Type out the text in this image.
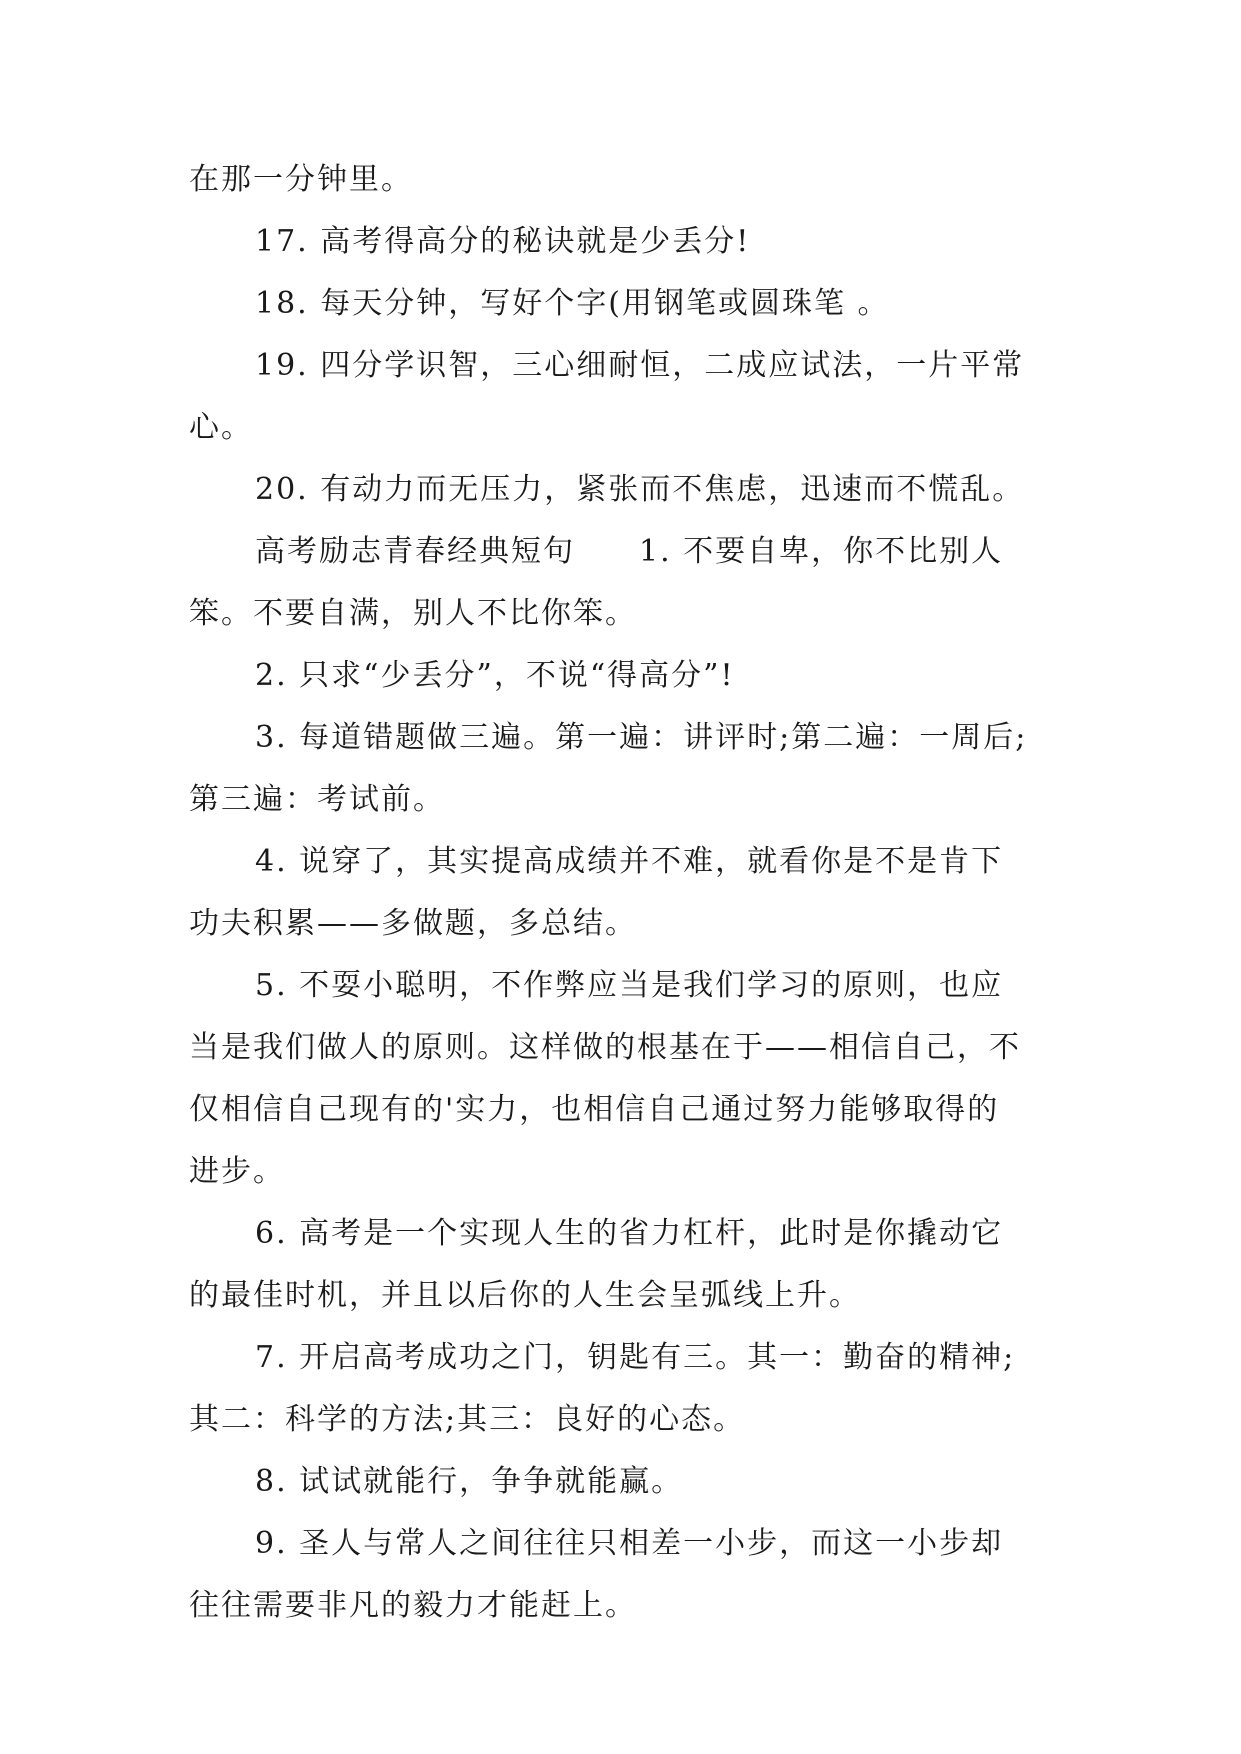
在那一分钟里。
17. 高考得高分的秘诀就是少丢分!
18. 每天分钟，写好个字(用钢笔或圆珠笔 。
19. 四分学识智，三心细耐恒，二成应试法，一片平常
心。
20. 有动力而无压力，紧张而不焦虑，迅速而不慌乱。
高考励志青春经典短句　　1. 不要自卑，你不比别人
笨。不要自满，别人不比你笨。
2. 只求“少丢分”，不说“得高分”!
3. 每道错题做三遍。第一遍：讲评时;第二遍：一周后;
第三遍：考试前。
4. 说穿了，其实提高成绩并不难，就看你是不是肯下
功夫积累——多做题，多总结。
5. 不耍小聪明，不作弊应当是我们学习的原则，也应
当是我们做人的原则。这样做的根基在于——相信自己，不
仅相信自己现有的'实力，也相信自己通过努力能够取得的
进步。
6. 高考是一个实现人生的省力杠杆，此时是你撬动它
的最佳时机，并且以后你的人生会呈弧线上升。
7. 开启高考成功之门，钥匙有三。其一：勤奋的精神;
其二：科学的方法;其三：良好的心态。
8. 试试就能行，争争就能赢。
9. 圣人与常人之间往往只相差一小步，而这一小步却
往往需要非凡的毅力才能赶上。
